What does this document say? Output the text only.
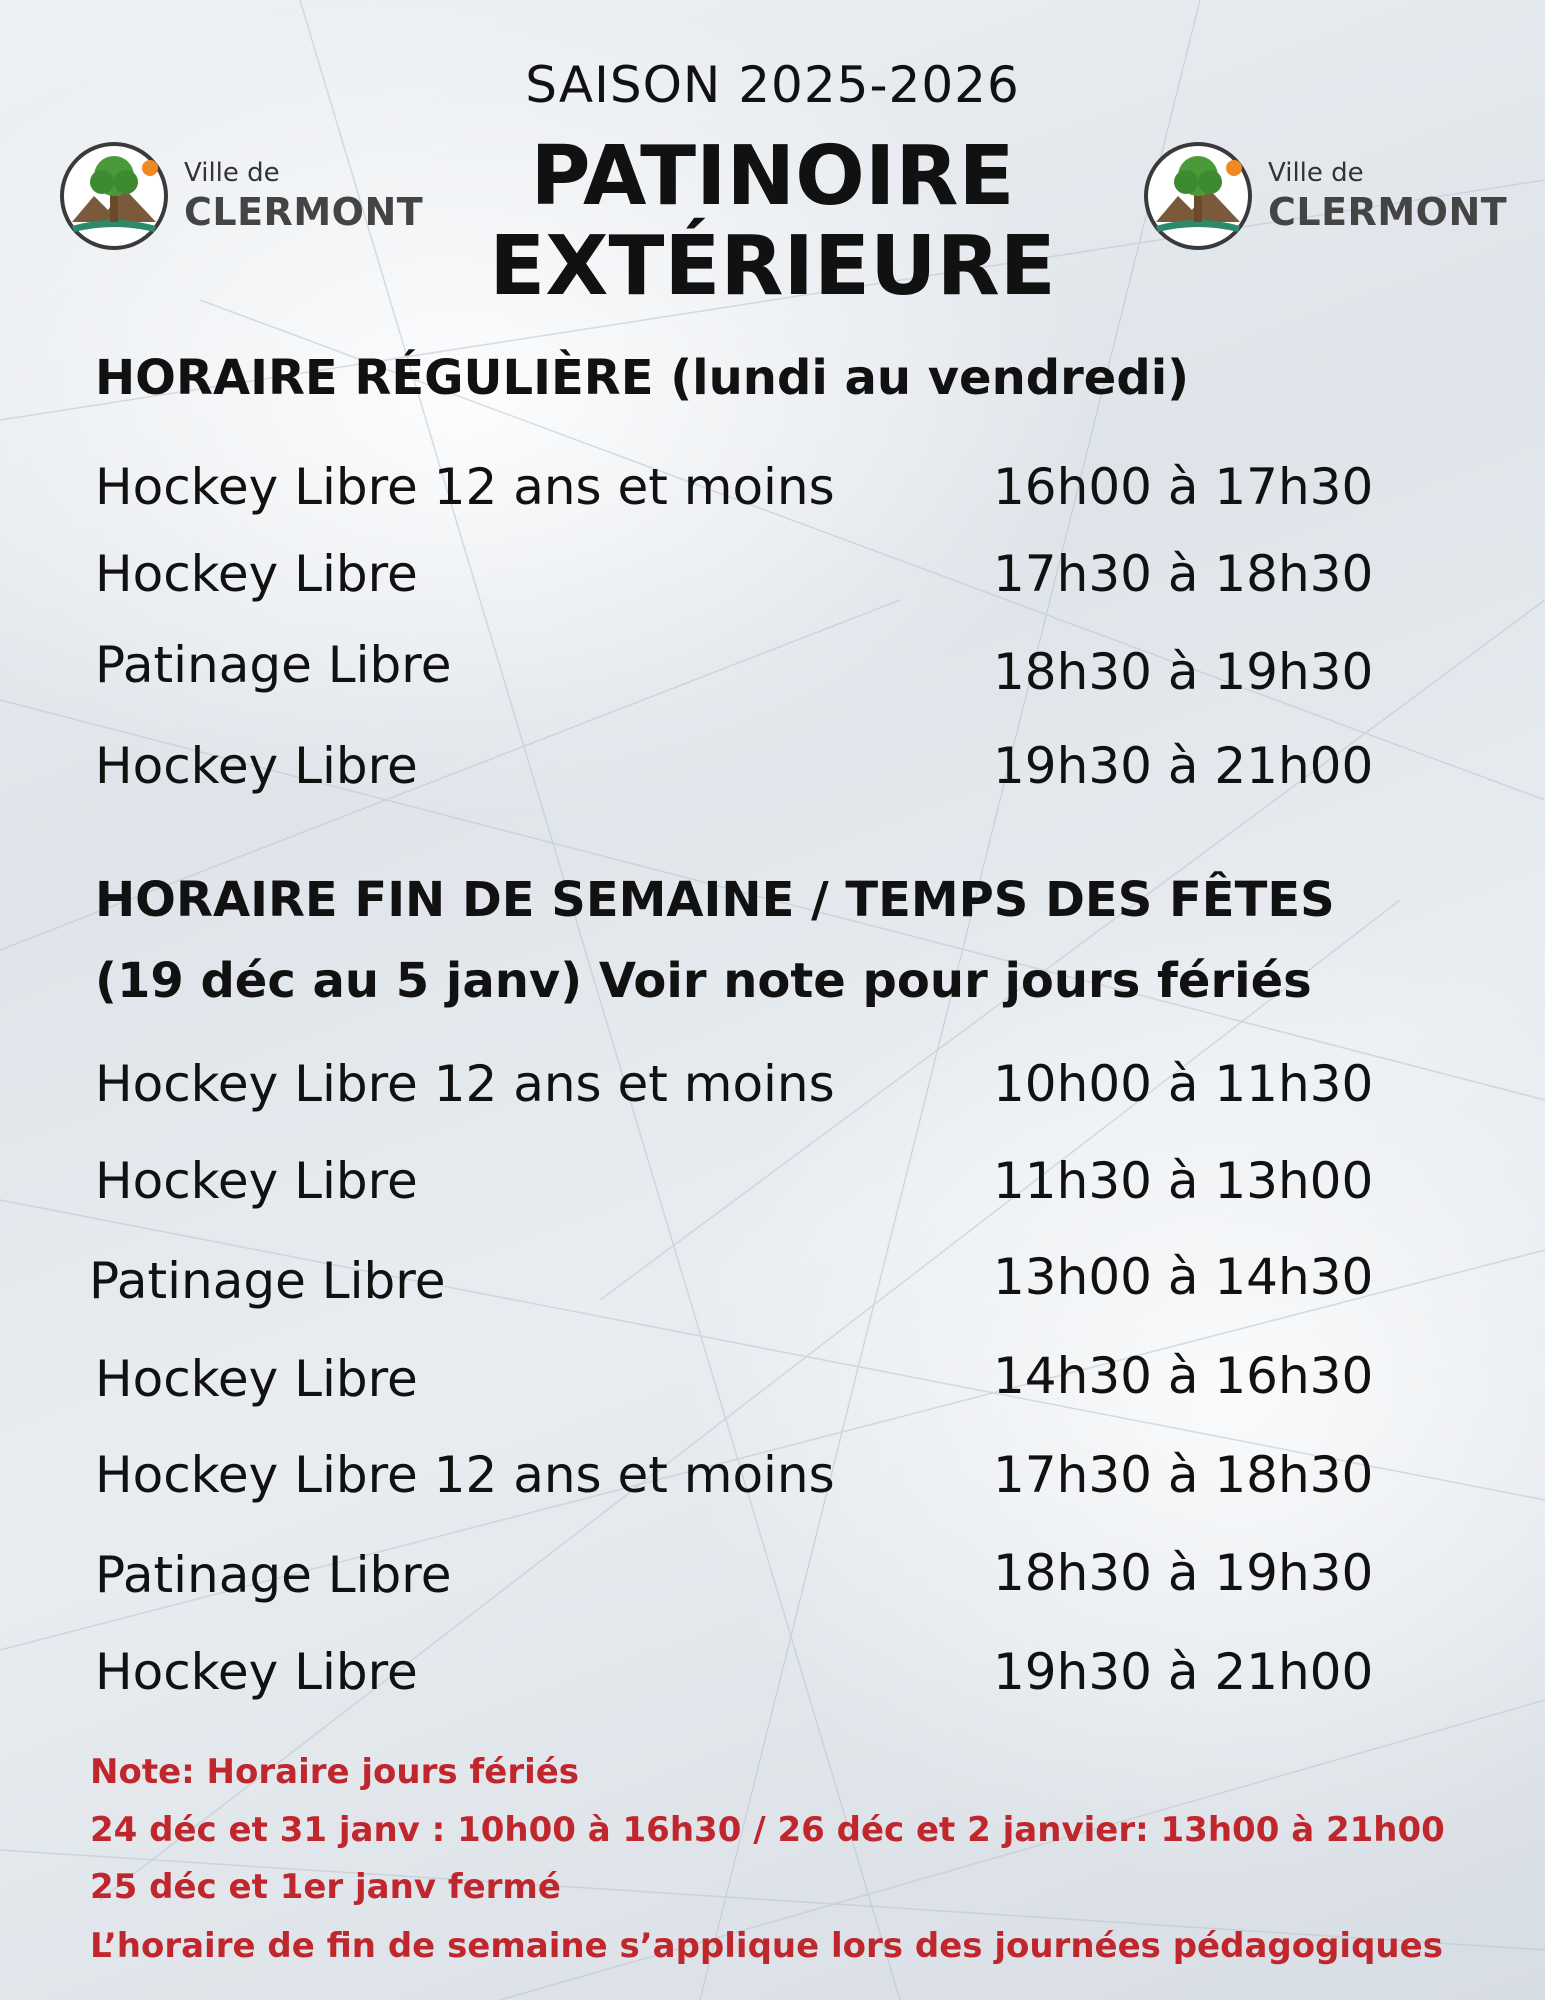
SAISON 2025-2026
PATINOIRE
EXTÉRIEURE
Ville de
CLERMONT
Ville de
CLERMONT
HORAIRE RÉGULIÈRE (lundi au vendredi)
Hockey Libre 12 ans et moins	16h00 à 17h30
Hockey Libre	17h30 à 18h30
Patinage Libre	18h30 à 19h30
Hockey Libre	19h30 à 21h00
HORAIRE FIN DE SEMAINE / TEMPS DES FÊTES
(19 déc au 5 janv) Voir note pour jours fériés
Hockey Libre 12 ans et moins	10h00 à 11h30
Hockey Libre	11h30 à 13h00
Patinage Libre	13h00 à 14h30
Hockey Libre	14h30 à 16h30
Hockey Libre 12 ans et moins	17h30 à 18h30
Patinage Libre	18h30 à 19h30
Hockey Libre	19h30 à 21h00
Note: Horaire jours fériés
24 déc et 31 janv : 10h00 à 16h30 / 26 déc et 2 janvier: 13h00 à 21h00
25 déc et 1er janv fermé
L’horaire de fin de semaine s’applique lors des journées pédagogiques
